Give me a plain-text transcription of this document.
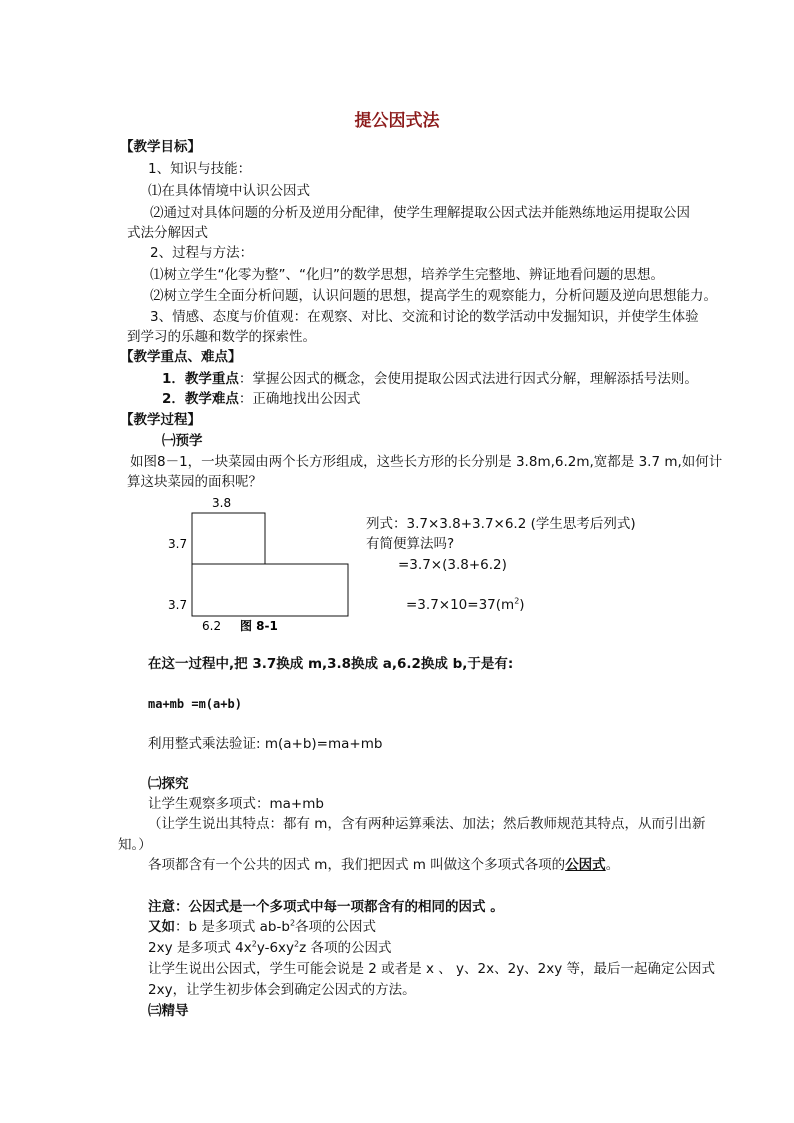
提公因式法
【教学目标】
1、知识与技能：
⑴在具体情境中认识公因式
⑵通过对具体问题的分析及逆用分配律，使学生理解提取公因式法并能熟练地运用提取公因
式法分解因式
2、过程与方法：
⑴树立学生“化零为整”、“化归”的数学思想，培养学生完整地、辨证地看问题的思想。
⑵树立学生全面分析问题，认识问题的思想，提高学生的观察能力，分析问题及逆向思想能力。
3、情感、态度与价值观：在观察、对比、交流和讨论的数学活动中发掘知识，并使学生体验
到学习的乐趣和数学的探索性。
【教学重点、难点】
1．教学重点：掌握公因式的概念，会使用提取公因式法进行因式分解，理解添括号法则。
2．教学难点：正确地找出公因式
【教学过程】
㈠预学
如图8－1，一块菜园由两个长方形组成，这些长方形的长分别是 3.8m,6.2m,宽都是 3.7 m,如何计
算这块菜园的面积呢？
3.8
3.7
3.7
6.2 图 8-1
列式：3.7×3.8+3.7×6.2 (学生思考后列式)
有简便算法吗?
=3.7×(3.8+6.2)
$=3.7\times 10=37(m^2)$
在这一过程中,把 3.7换成 m,3.8换成 a,6.2换成 b,于是有:
ma+mb =m(a+b)
利用整式乘法验证: m(a+b)=ma+mb
㈡探究
让学生观察多项式：ma+mb
（让学生说出其特点：都有 m，含有两种运算乘法、加法；然后教师规范其特点，从而引出新
知。）
各项都含有一个公共的因式 m，我们把因式 m 叫做这个多项式各项的公因式。
注意：公因式是一个多项式中每一项都含有的相同的因式 。
又如：b 是多项式 $ab-b^2$各项的公因式
2xy 是多项式 $4x^2y-6xy^2z$ 各项的公因式
让学生说出公因式，学生可能会说是 2 或者是 x 、 y、2x、2y、2xy 等，最后一起确定公因式
2xy，让学生初步体会到确定公因式的方法。
㈢精导
